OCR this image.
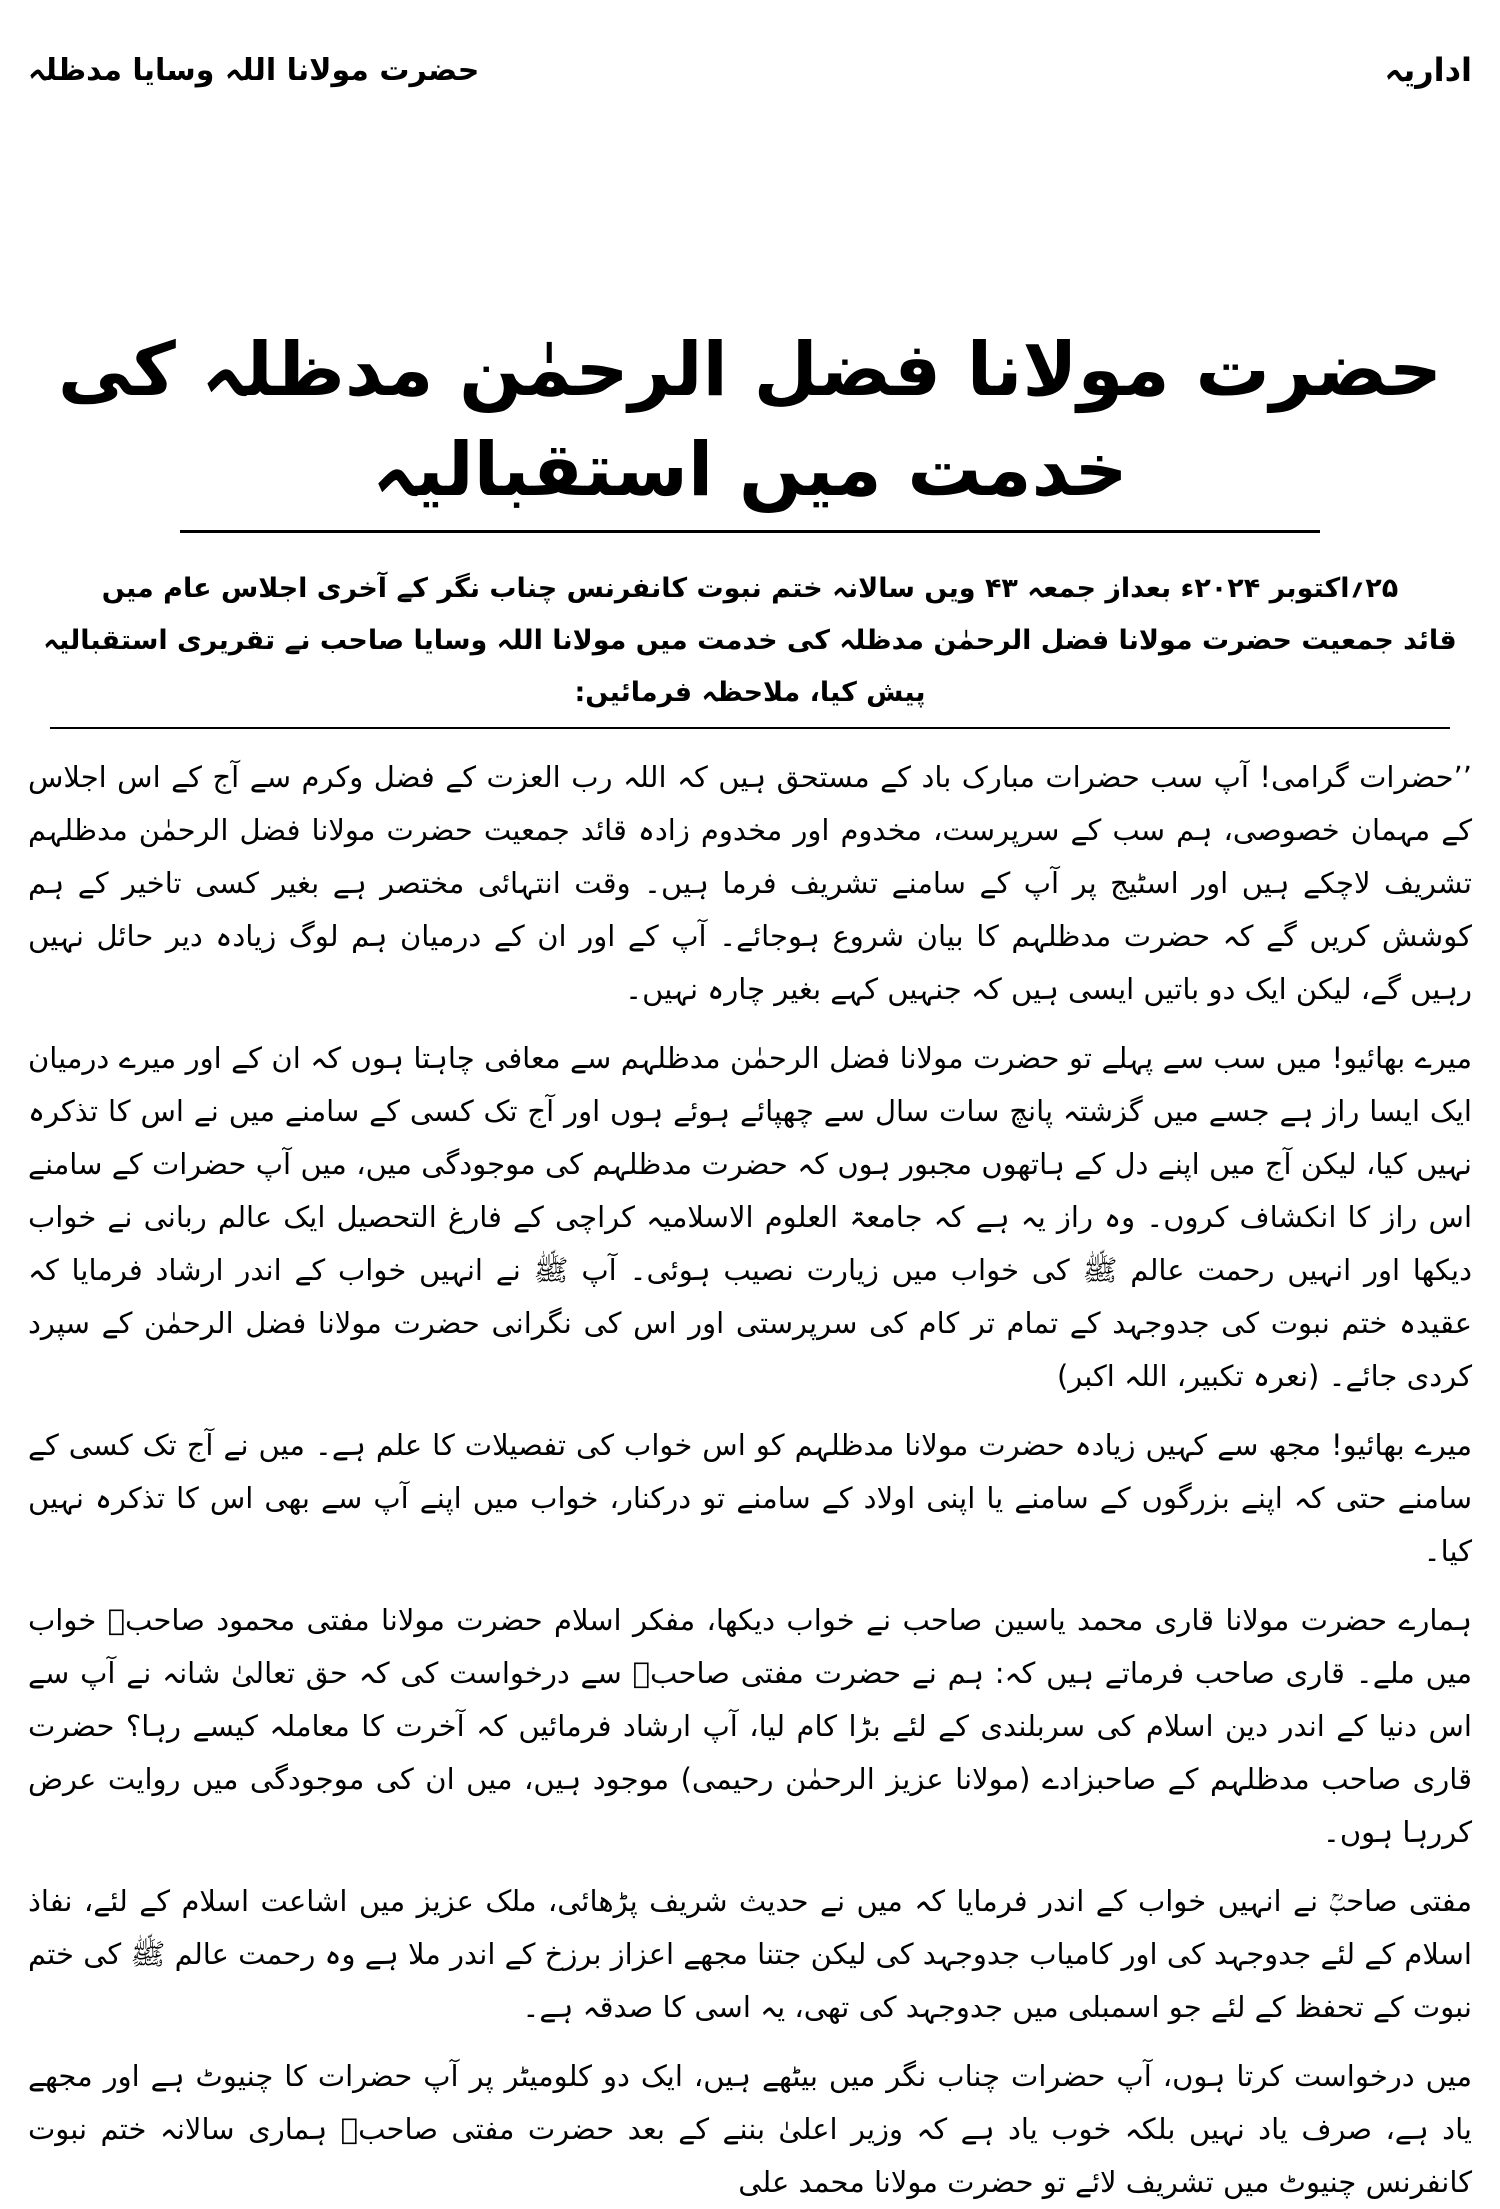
حضرت مولانا اللہ وسایا مدظلہ	اداریہ
حضرت مولانا فضل الرحمٰن مدظلہ کی خدمت میں استقبالیہ
۲۵؍اکتوبر ۲۰۲۴ء بعداز جمعہ ۴۳ ویں سالانہ ختم نبوت کانفرنس چناب نگر کے آخری اجلاس عام میں
قائد جمعیت حضرت مولانا فضل الرحمٰن مدظلہ کی خدمت میں مولانا اللہ وسایا صاحب نے تقریری استقبالیہ پیش کیا، ملاحظہ فرمائیں:

’’حضرات گرامی! آپ سب حضرات مبارک باد کے مستحق ہیں کہ اللہ رب العزت کے فضل وکرم سے آج کے اس اجلاس کے مہمان خصوصی، ہم سب کے سرپرست، مخدوم اور مخدوم زادہ قائد جمعیت حضرت مولانا فضل الرحمٰن مدظلہم تشریف لاچکے ہیں اور اسٹیج پر آپ کے سامنے تشریف فرما ہیں۔ وقت انتہائی مختصر ہے بغیر کسی تاخیر کے ہم کوشش کریں گے کہ حضرت مدظلہم کا بیان شروع ہوجائے۔ آپ کے اور ان کے درمیان ہم لوگ زیادہ دیر حائل نہیں رہیں گے، لیکن ایک دو باتیں ایسی ہیں کہ جنہیں کہے بغیر چارہ نہیں۔

میرے بھائیو! میں سب سے پہلے تو حضرت مولانا فضل الرحمٰن مدظلہم سے معافی چاہتا ہوں کہ ان کے اور میرے درمیان ایک ایسا راز ہے جسے میں گزشتہ پانچ سات سال سے چھپائے ہوئے ہوں اور آج تک کسی کے سامنے میں نے اس کا تذکرہ نہیں کیا، لیکن آج میں اپنے دل کے ہاتھوں مجبور ہوں کہ حضرت مدظلہم کی موجودگی میں، میں آپ حضرات کے سامنے اس راز کا انکشاف کروں۔ وہ راز یہ ہے کہ جامعۃ العلوم الاسلامیہ کراچی کے فارغ التحصیل ایک عالم ربانی نے خواب دیکھا اور انہیں رحمت عالم ﷺ کی خواب میں زیارت نصیب ہوئی۔ آپ ﷺ نے انہیں خواب کے اندر ارشاد فرمایا کہ عقیدہ ختم نبوت کی جدوجہد کے تمام تر کام کی سرپرستی اور اس کی نگرانی حضرت مولانا فضل الرحمٰن کے سپرد کردی جائے۔ (نعرہ تکبیر، اللہ اکبر)

میرے بھائیو! مجھ سے کہیں زیادہ حضرت مولانا مدظلہم کو اس خواب کی تفصیلات کا علم ہے۔ میں نے آج تک کسی کے سامنے حتی کہ اپنے بزرگوں کے سامنے یا اپنی اولاد کے سامنے تو درکنار، خواب میں اپنے آپ سے بھی اس کا تذکرہ نہیں کیا۔

ہمارے حضرت مولانا قاری محمد یاسین صاحب نے خواب دیکھا، مفکر اسلام حضرت مولانا مفتی محمود صاحبؒ خواب میں ملے۔ قاری صاحب فرماتے ہیں کہ: ہم نے حضرت مفتی صاحبؒ سے درخواست کی کہ حق تعالیٰ شانہ نے آپ سے اس دنیا کے اندر دین اسلام کی سربلندی کے لئے بڑا کام لیا، آپ ارشاد فرمائیں کہ آخرت کا معاملہ کیسے رہا؟ حضرت قاری صاحب مدظلہم کے صاحبزادے (مولانا عزیز الرحمٰن رحیمی) موجود ہیں، میں ان کی موجودگی میں روایت عرض کررہا ہوں۔

مفتی صاحبؒ نے انہیں خواب کے اندر فرمایا کہ میں نے حدیث شریف پڑھائی، ملک عزیز میں اشاعت اسلام کے لئے، نفاذ اسلام کے لئے جدوجہد کی اور کامیاب جدوجہد کی لیکن جتنا مجھے اعزاز برزخ کے اندر ملا ہے وہ رحمت عالم ﷺ کی ختم نبوت کے تحفظ کے لئے جو اسمبلی میں جدوجہد کی تھی، یہ اسی کا صدقہ ہے۔

میں درخواست کرتا ہوں، آپ حضرات چناب نگر میں بیٹھے ہیں، ایک دو کلومیٹر پر آپ حضرات کا چنیوٹ ہے اور مجھے یاد ہے، صرف یاد نہیں بلکہ خوب یاد ہے کہ وزیر اعلیٰ بننے کے بعد حضرت مفتی صاحبؒ ہماری سالانہ ختم نبوت کانفرنس چنیوٹ میں تشریف لائے تو حضرت مولانا محمد علی
